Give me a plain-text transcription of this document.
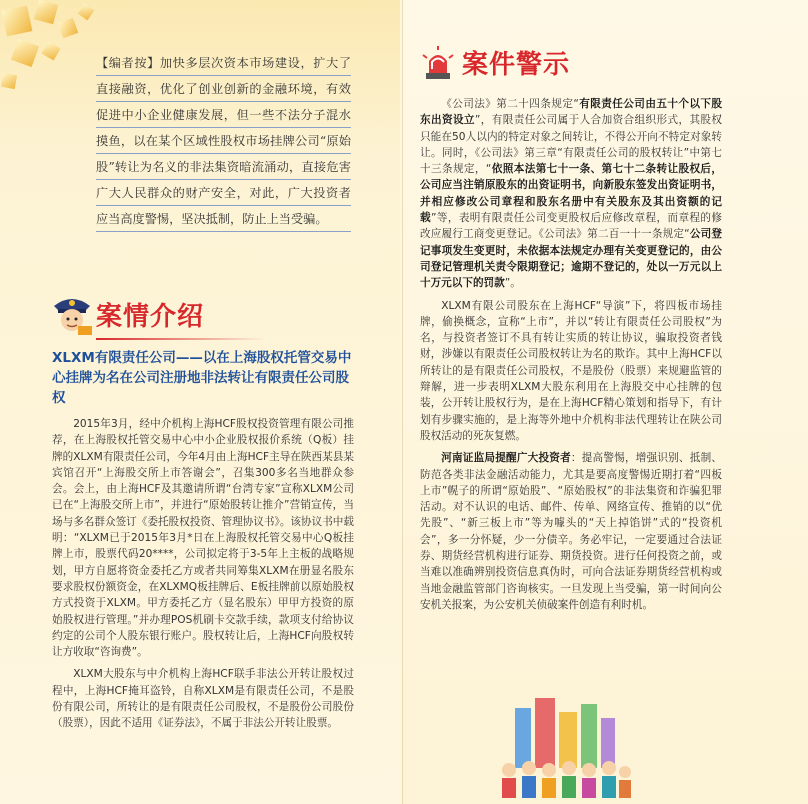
【编者按】加快多层次资本市场建设，扩大了直接融资，优化了创业创新的金融环境，有效促进中小企业健康发展，但一些不法分子混水摸鱼，以在某个区域性股权市场挂牌公司“原始股”转让为名义的非法集资暗流涌动，直接危害广大人民群众的财产安全，对此，广大投资者应当高度警惕，坚决抵制，防止上当受骗。

案情介绍
XLXM有限责任公司——以在上海股权托管交易中心挂牌为名在公司注册地非法转让有限责任公司股权

2015年3月，经中介机构上海HCF股权投资管理有限公司推荐，在上海股权托管交易中心中小企业股权报价系统（Q板）挂牌的XLXM有限责任公司，今年4月由上海HCF主导在陕西某县某宾馆召开“上海股交所上市答谢会”，召集300多名当地群众参会。会上，由上海HCF及其邀请所谓“台湾专家”宣称XLXM公司已在“上海股交所上市”，并进行“原始股转让推介”营销宣传，当场与多名群众签订《委托股权投资、管理协议书》。该协议书中载明：“XLXM已于2015年3月*日在上海股权托管交易中心Q板挂牌上市，股票代码20****，公司拟定将于3-5年上主板的战略规划，甲方自愿将资金委托乙方或者共同筹集XLXM在册显名股东要求股权份额资金，在XLXMQ板挂牌后、E板挂牌前以原始股权方式投资于XLXM。甲方委托乙方（显名股东）甲甲方投资的原始股权进行管理。”并办理POS机刷卡交款手续，款项支付给协议约定的公司个人股东银行账户。股权转让后，上海HCF向股权转让方收取“咨询费”。

XLXM大股东与中介机构上海HCF联手非法公开转让股权过程中，上海HCF掩耳盗铃，自称XLXM是有限责任公司，不是股份有限公司，所转让的是有限责任公司股权，不是股份公司股份（股票），因此不适用《证券法》，不属于非法公开转让股票。

案件警示

《公司法》第二十四条规定“有限责任公司由五十个以下股东出资设立”，有限责任公司属于人合加资合组织形式，其股权只能在50人以内的特定对象之间转让，不得公开向不特定对象转让。同时，《公司法》第三章“有限责任公司的股权转让”中第七十三条规定，“依照本法第七十一条、第七十二条转让股权后，公司应当注销原股东的出资证明书，向新股东签发出资证明书，并相应修改公司章程和股东名册中有关股东及其出资额的记载”等，表明有限责任公司变更股权后应修改章程，而章程的修改应履行工商变更登记。《公司法》第二百一十一条规定“公司登记事项发生变更时，未依据本法规定办理有关变更登记的，由公司登记管理机关责令限期登记；逾期不登记的，处以一万元以上十万元以下的罚款”。

XLXM有限公司股东在上海HCF“导演”下，将四板市场挂牌，偷换概念，宣称“上市”，并以“转让有限责任公司股权”为名，与投资者签订不具有转让实质的转让协议，骗取投资者钱财，涉嫌以有限责任公司股权转让为名的欺诈。其中上海HCF以所转让的是有限责任公司股权，不是股份（股票）来规避监管的辩解，进一步表明XLXM大股东利用在上海股交中心挂牌的包装，公开转让股权行为，是在上海HCF精心策划和指导下，有计划有步骤实施的，是上海等外地中介机构非法代理转让在陕公司股权活动的死灰复燃。

河南证监局提醒广大投资者：提高警惕，增强识别、抵制、防范各类非法金融活动能力，尤其是要高度警惕近期打着“四板上市”幌子的所谓“原始股”、“原始股权”的非法集资和诈骗犯罪活动。对不认识的电话、邮件、传单、网络宣传、推销的以“优先股”、“新三板上市”等为噱头的“天上掉馅饼”式的“投资机会”，多一分怀疑，少一分债辛。务必牢记，一定要通过合法证券、期货经营机构进行证券、期货投资。进行任何投资之前，或当难以准确辨别投资信息真伪时，可向合法证券期货经营机构或当地金融监管部门咨询核实。一旦发现上当受骗，第一时间向公安机关报案，为公安机关侦破案件创造有利时机。
